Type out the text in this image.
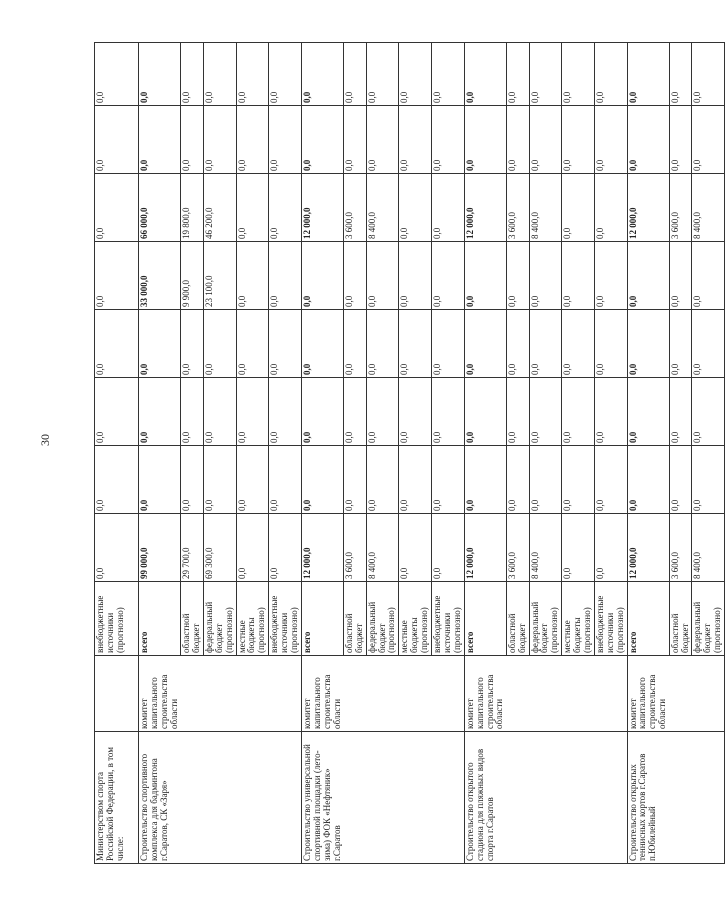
30
Министерством спорта Российской Федерации, в том числе:		внебюджетные источники (прогнозно)	0,0	0,0	0,0	0,0	0,0	0,0	0,0	0,0
Строительство спортивного комплекса для бадминтона г.Саратов, СК «Заря»	комитет капитального строительства области	всего	99 000,0	0,0	0,0	0,0	33 000,0	66 000,0	0,0	0,0
		областной бюджет	29 700,0	0,0	0,0	0,0	9 900,0	19 800,0	0,0	0,0
		федеральный бюджет (прогнозно)	69 300,0	0,0	0,0	0,0	23 100,0	46 200,0	0,0	0,0
		местные бюджеты (прогнозно)	0,0	0,0	0,0	0,0	0,0	0,0	0,0	0,0
		внебюджетные источники (прогнозно)	0,0	0,0	0,0	0,0	0,0	0,0	0,0	0,0
Строительство универсальной спортивной площадки (лето-зима) ФОК «Нефтяник» г.Саратов	комитет капитального строительства области	всего	12 000,0	0,0	0,0	0,0	0,0	12 000,0	0,0	0,0
		областной бюджет	3 600,0	0,0	0,0	0,0	0,0	3 600,0	0,0	0,0
		федеральный бюджет (прогнозно)	8 400,0	0,0	0,0	0,0	0,0	8 400,0	0,0	0,0
		местные бюджеты (прогнозно)	0,0	0,0	0,0	0,0	0,0	0,0	0,0	0,0
		внебюджетные источники (прогнозно)	0,0	0,0	0,0	0,0	0,0	0,0	0,0	0,0
Строительство открытого стадиона для пляжных видов спорта г.Саратов	комитет капитального строительства области	всего	12 000,0	0,0	0,0	0,0	0,0	12 000,0	0,0	0,0
		областной бюджет	3 600,0	0,0	0,0	0,0	0,0	3 600,0	0,0	0,0
		федеральный бюджет (прогнозно)	8 400,0	0,0	0,0	0,0	0,0	8 400,0	0,0	0,0
		местные бюджеты (прогнозно)	0,0	0,0	0,0	0,0	0,0	0,0	0,0	0,0
		внебюджетные источники (прогнозно)	0,0	0,0	0,0	0,0	0,0	0,0	0,0	0,0
Строительство открытых теннисных кортов г.Саратов п.Юбилейный	комитет капитального строительства области	всего	12 000,0	0,0	0,0	0,0	0,0	12 000,0	0,0	0,0
		областной бюджет	3 600,0	0,0	0,0	0,0	0,0	3 600,0	0,0	0,0
		федеральный бюджет (прогнозно)	8 400,0	0,0	0,0	0,0	0,0	8 400,0	0,0	0,0
